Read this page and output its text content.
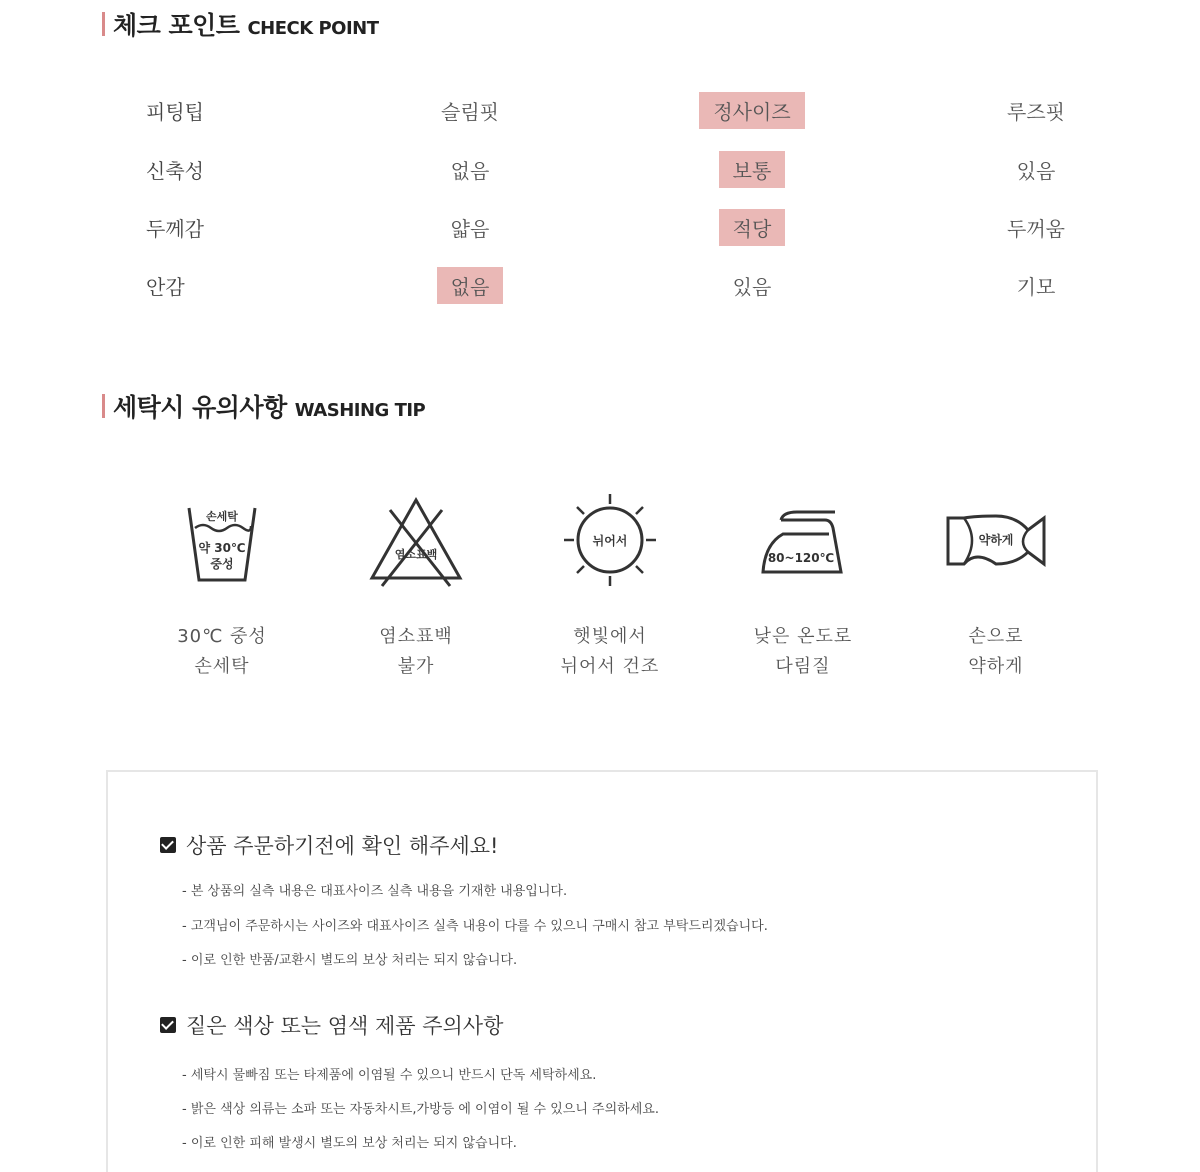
체크 포인트 CHECK POINT
피팅팁	슬림핏	정사이즈	루즈핏
신축성	없음	보통	있음
두께감	얇음	적당	두꺼움
안감	없음	있음	기모
세탁시 유의사항 WASHING TIP
손세탁
약 30℃
중성
30℃ 중성
손세탁
염소표백
염소표백
불가
뉘어서
햇빛에서
뉘어서 건조
80~120℃
낮은 온도로
다림질
약하게
손으로
약하게
상품 주문하기전에 확인 해주세요!
- 본 상품의 실측 내용은 대표사이즈 실측 내용을 기재한 내용입니다.
- 고객님이 주문하시는 사이즈와 대표사이즈 실측 내용이 다를 수 있으니 구매시 참고 부탁드리겠습니다.
- 이로 인한 반품/교환시 별도의 보상 처리는 되지 않습니다.
짙은 색상 또는 염색 제품 주의사항
- 세탁시 물빠짐 또는 타제품에 이염될 수 있으니 반드시 단독 세탁하세요.
- 밝은 색상 의류는 소파 또는 자동차시트,가방등 에 이염이 될 수 있으니 주의하세요.
- 이로 인한 피해 발생시 별도의 보상 처리는 되지 않습니다.
